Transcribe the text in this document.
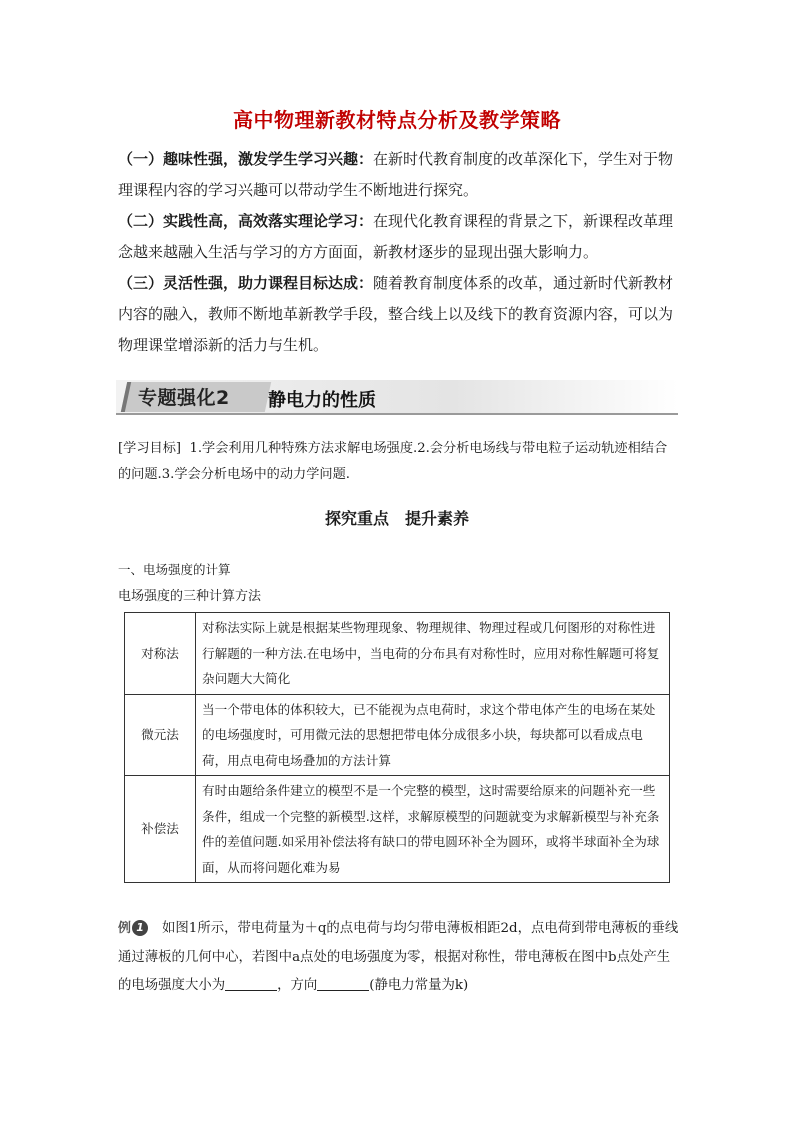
高中物理新教材特点分析及教学策略

（一）趣味性强，激发学生学习兴趣：在新时代教育制度的改革深化下，学生对于物理课程内容的学习兴趣可以带动学生不断地进行探究。

（二）实践性高，高效落实理论学习：在现代化教育课程的背景之下，新课程改革理念越来越融入生活与学习的方方面面，新教材逐步的显现出强大影响力。

（三）灵活性强，助力课程目标达成：随着教育制度体系的改革，通过新时代新教材内容的融入，教师不断地革新教学手段，整合线上以及线下的教育资源内容，可以为物理课堂增添新的活力与生机。

专题强化2 静电力的性质
[学习目标] 1.学会利用几种特殊方法求解电场强度.2.会分析电场线与带电粒子运动轨迹相结合的问题.3.学会分析电场中的动力学问题.
探究重点 提升素养
一、电场强度的计算
电场强度的三种计算方法
对称法	对称法实际上就是根据某些物理现象、物理规律、物理过程或几何图形的对称性进行解题的一种方法.在电场中，当电荷的分布具有对称性时，应用对称性解题可将复杂问题大大简化
微元法	当一个带电体的体积较大，已不能视为点电荷时，求这个带电体产生的电场在某处的电场强度时，可用微元法的思想把带电体分成很多小块，每块都可以看成点电荷，用点电荷电场叠加的方法计算
补偿法	有时由题给条件建立的模型不是一个完整的模型，这时需要给原来的问题补充一些条件，组成一个完整的新模型.这样，求解原模型的问题就变为求解新模型与补充条件的差值问题.如采用补偿法将有缺口的带电圆环补全为圆环，或将半球面补全为球面，从而将问题化难为易
例 1 如图1所示，带电荷量为＋q的点电荷与均匀带电薄板相距2d，点电荷到带电薄板的垂线通过薄板的几何中心，若图中a点处的电场强度为零，根据对称性，带电薄板在图中b点处产生的电场强度大小为	，方向	(静电力常量为k)
